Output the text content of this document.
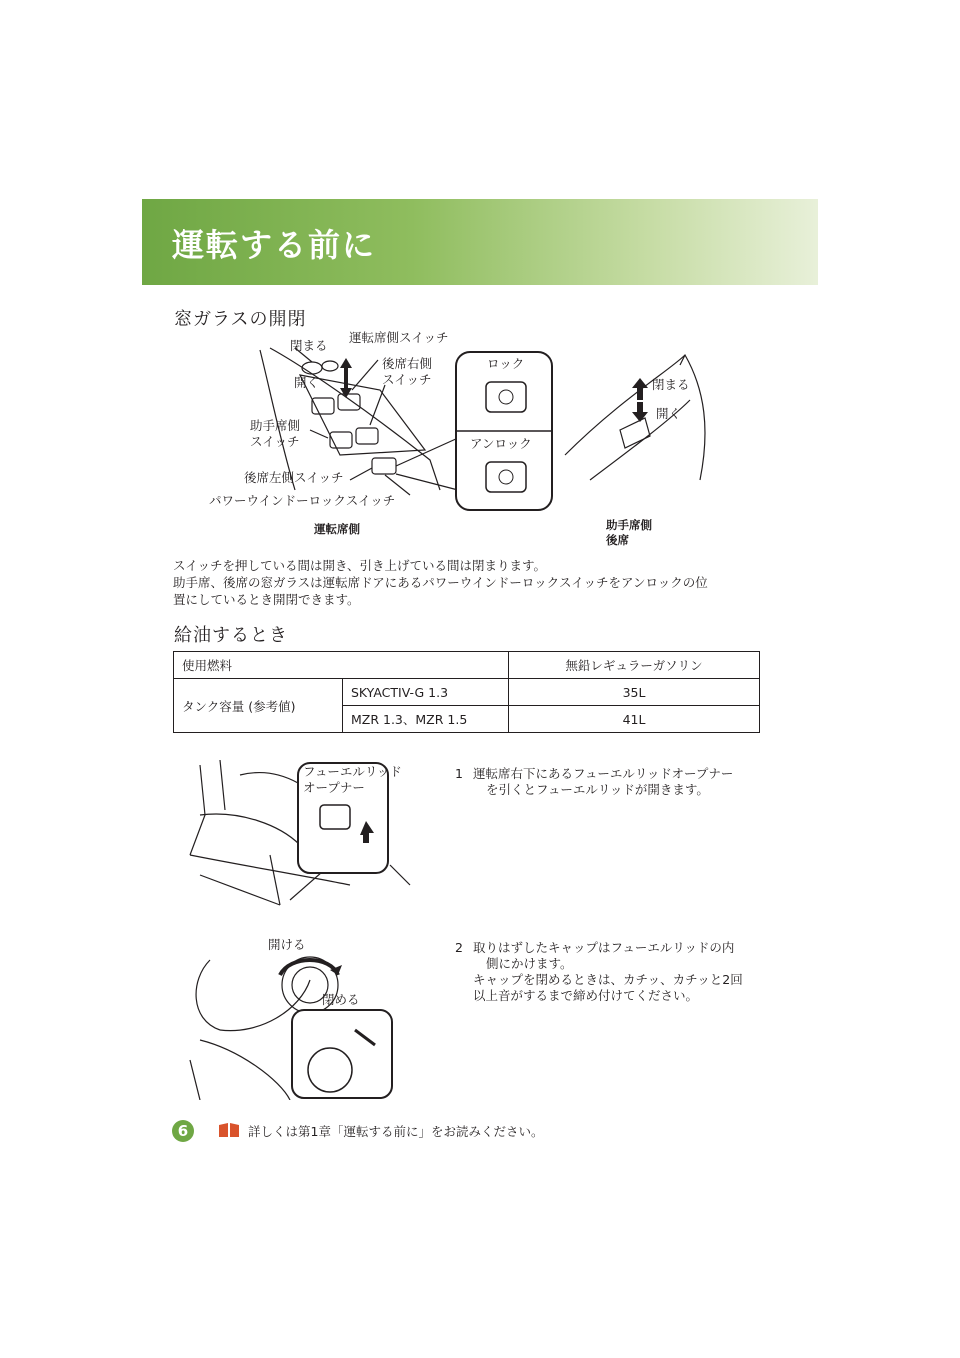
運転する前に
窓ガラスの開閉
閉まる
運転席側スイッチ
後席右側
スイッチ
開く
助手席側
スイッチ
後席左側スイッチ
パワーウインドーロックスイッチ
ロック
アンロック
閉まる
開く
運転席側	助手席側
後席
スイッチを押している間は開き、引き上げている間は閉まります。
助手席、後席の窓ガラスは運転席ドアにあるパワーウインドーロックスイッチをアンロックの位
置にしているとき開閉できます。
給油するとき
使用燃料		無鉛レギュラーガソリン
タンク容量 (参考値)	SKYACTIV-G 1.3	35L
	MZR 1.3、MZR 1.5	41L
フューエルリッド
オープナー
1 運転席右下にあるフューエルリッドオープナー
を引くとフューエルリッドが開きます。
開ける
閉める
2 取りはずしたキャップはフューエルリッドの内
側にかけます。
キャップを閉めるときは、カチッ、カチッと2回
以上音がするまで締め付けてください。
6	詳しくは第1章「運転する前に」をお読みください。
